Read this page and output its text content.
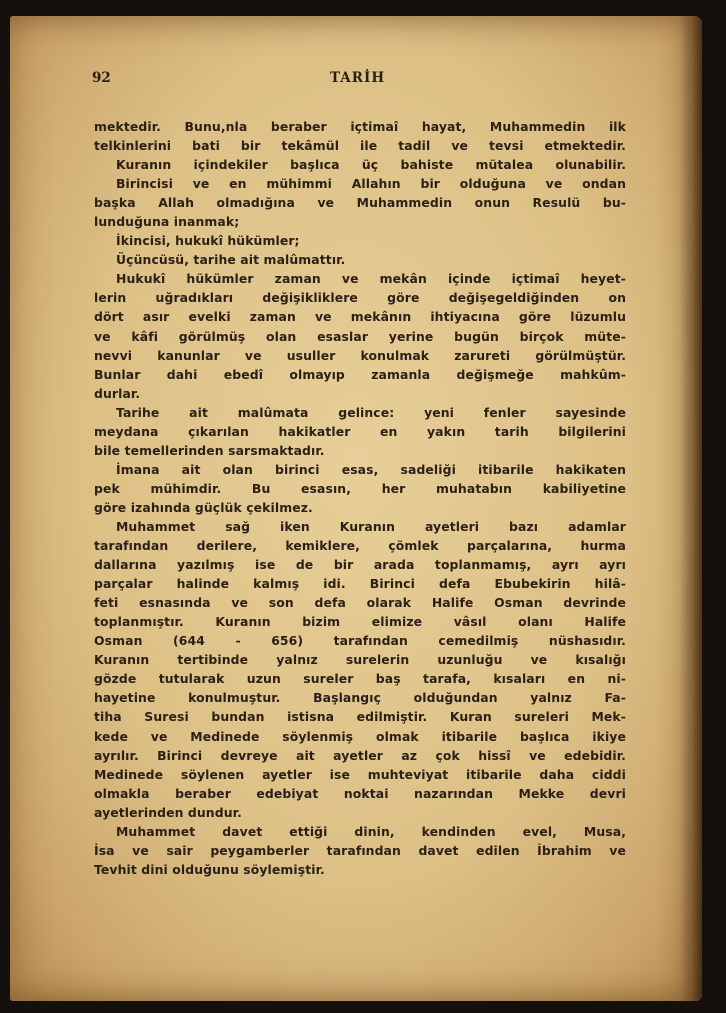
92	TARİH
mektedir. Bunu,nla beraber içtimaî hayat, Muhammedin ilk
telkinlerini bati bir tekâmül ile tadil ve tevsi etmektedir.
Kuranın içindekiler başlıca üç bahiste mütalea olunabilir.
Birincisi ve en mühimmi Allahın bir olduğuna ve ondan
başka Allah olmadığına ve Muhammedin onun Resulü bu-
lunduğuna inanmak;
İkincisi, hukukî hükümler;
Üçüncüsü, tarihe ait malûmattır.
Hukukî hükümler zaman ve mekân içinde içtimaî heyet-
lerin uğradıkları değişikliklere göre değişegeldiğinden on
dört asır evelki zaman ve mekânın ihtiyacına göre lüzumlu
ve kâfi görülmüş olan esaslar yerine bugün birçok müte-
nevvi kanunlar ve usuller konulmak zarureti görülmüştür.
Bunlar dahi ebedî olmayıp zamanla değişmeğe mahkûm-
durlar.
Tarihe ait malûmata gelince: yeni fenler sayesinde
meydana çıkarılan hakikatler en yakın tarih bilgilerini
bile temellerinden sarsmaktadır.
İmana ait olan birinci esas, sadeliği itibarile hakikaten
pek mühimdir. Bu esasın, her muhatabın kabiliyetine
göre izahında güçlük çekilmez.
Muhammet sağ iken Kuranın ayetleri bazı adamlar
tarafından derilere, kemiklere, çömlek parçalarına, hurma
dallarına yazılmış ise de bir arada toplanmamış, ayrı ayrı
parçalar halinde kalmış idi. Birinci defa Ebubekirin hilâ-
feti esnasında ve son defa olarak Halife Osman devrinde
toplanmıştır. Kuranın bizim elimize vâsıl olanı Halife
Osman (644 - 656) tarafından cemedilmiş nüshasıdır.
Kuranın tertibinde yalnız surelerin uzunluğu ve kısalığı
gözde tutularak uzun sureler baş tarafa, kısaları en ni-
hayetine konulmuştur. Başlangıç olduğundan yalnız Fa-
tiha Suresi bundan istisna edilmiştir. Kuran sureleri Mek-
kede ve Medinede söylenmiş olmak itibarile başlıca ikiye
ayrılır. Birinci devreye ait ayetler az çok hissî ve edebidir.
Medinede söylenen ayetler ise muhteviyat itibarile daha ciddi
olmakla beraber edebiyat noktai nazarından Mekke devri
ayetlerinden dundur.
Muhammet davet ettiği dinin, kendinden evel, Musa,
İsa ve sair peygamberler tarafından davet edilen İbrahim ve
Tevhit dini olduğunu söylemiştir.
